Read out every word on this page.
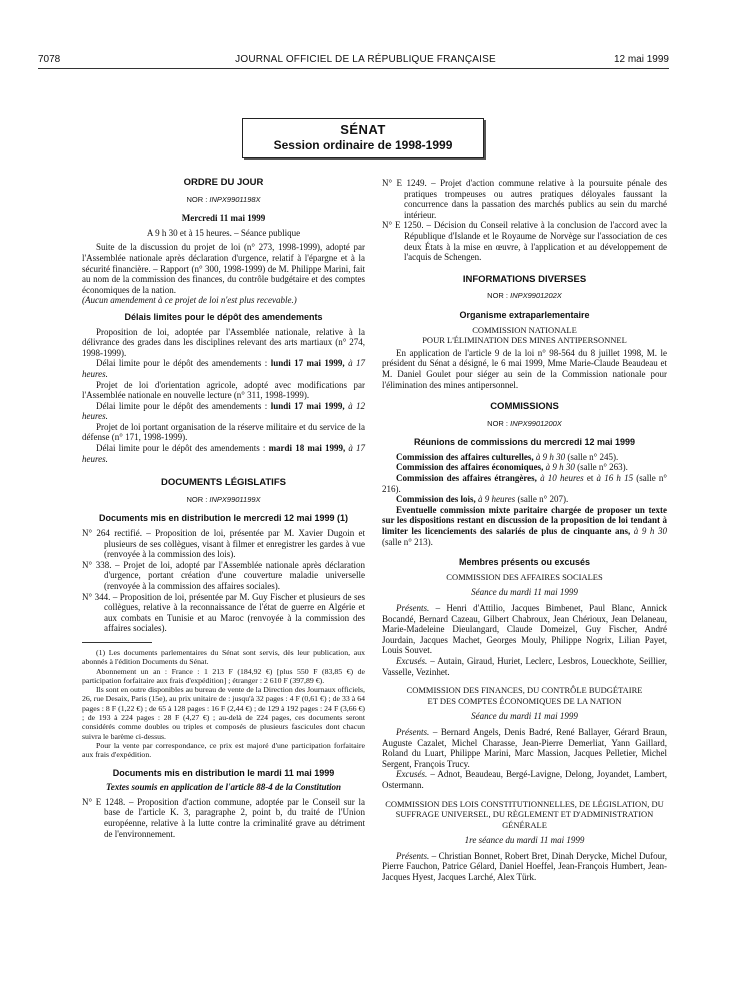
7078	JOURNAL OFFICIEL DE LA RÉPUBLIQUE FRANÇAISE	12 mai 1999
SÉNAT
Session ordinaire de 1998-1999
ORDRE DU JOUR
NOR : INPX9901198X

Mercredi 11 mai 1999

A 9 h 30 et à 15 heures. – Séance publique

Suite de la discussion du projet de loi (n° 273, 1998-1999), adopté par l'Assemblée nationale après déclaration d'urgence, relatif à l'épargne et à la sécurité financière. – Rapport (n° 300, 1998-1999) de M. Philippe Marini, fait au nom de la commission des finances, du contrôle budgétaire et des comptes économiques de la nation.

(Aucun amendement à ce projet de loi n'est plus recevable.)

Délais limites pour le dépôt des amendements

Proposition de loi, adoptée par l'Assemblée nationale, relative à la délivrance des grades dans les disciplines relevant des arts martiaux (n° 274, 1998-1999).

Délai limite pour le dépôt des amendements : lundi 17 mai 1999, à 17 heures.

Projet de loi d'orientation agricole, adopté avec modifications par l'Assemblée nationale en nouvelle lecture (n° 311, 1998-1999).

Délai limite pour le dépôt des amendements : lundi 17 mai 1999, à 12 heures.

Projet de loi portant organisation de la réserve militaire et du service de la défense (n° 171, 1998-1999).

Délai limite pour le dépôt des amendements : mardi 18 mai 1999, à 17 heures.

DOCUMENTS LÉGISLATIFS
NOR : INPX9901199X
Documents mis en distribution le mercredi 12 mai 1999 (1)

N° 264 rectifié. – Proposition de loi, présentée par M. Xavier Dugoin et plusieurs de ses collègues, visant à filmer et enregistrer les gardes à vue (renvoyée à la commission des lois).

N° 338. – Projet de loi, adopté par l'Assemblée nationale après déclaration d'urgence, portant création d'une couverture maladie universelle (renvoyée à la commission des affaires sociales).

N° 344. – Proposition de loi, présentée par M. Guy Fischer et plusieurs de ses collègues, relative à la reconnaissance de l'état de guerre en Algérie et aux combats en Tunisie et au Maroc (renvoyée à la commission des affaires sociales).

(1) Les documents parlementaires du Sénat sont servis, dès leur publication, aux abonnés à l'édition Documents du Sénat.

Abonnement un an : France : 1 213 F (184,92 €) [plus 550 F (83,85 €) de participation forfaitaire aux frais d'expédition] ; étranger : 2 610 F (397,89 €).

Ils sont en outre disponibles au bureau de vente de la Direction des Journaux officiels, 26, rue Desaix, Paris (15e), au prix unitaire de : jusqu'à 32 pages : 4 F (0,61 €) ; de 33 à 64 pages : 8 F (1,22 €) ; de 65 à 128 pages : 16 F (2,44 €) ; de 129 à 192 pages : 24 F (3,66 €) ; de 193 à 224 pages : 28 F (4,27 €) ; au-delà de 224 pages, ces documents seront considérés comme doubles ou triples et composés de plusieurs fascicules dont chacun suivra le barème ci-dessus.

Pour la vente par correspondance, ce prix est majoré d'une participation forfaitaire aux frais d'expédition.

Documents mis en distribution le mardi 11 mai 1999

Textes soumis en application de l'article 88-4 de la Constitution

N° E 1248. – Proposition d'action commune, adoptée par le Conseil sur la base de l'article K. 3, paragraphe 2, point b, du traité de l'Union européenne, relative à la lutte contre la criminalité grave au détriment de l'environnement.

N° E 1249. – Projet d'action commune relative à la poursuite pénale des pratiques trompeuses ou autres pratiques déloyales faussant la concurrence dans la passation des marchés publics au sein du marché intérieur.

N° E 1250. – Décision du Conseil relative à la conclusion de l'accord avec la République d'Islande et le Royaume de Norvège sur l'association de ces deux États à la mise en œuvre, à l'application et au développement de l'acquis de Schengen.

INFORMATIONS DIVERSES
NOR : INPX9901202X
Organisme extraparlementaire

COMMISSION NATIONALE

POUR L'ÉLIMINATION DES MINES ANTIPERSONNEL

En application de l'article 9 de la loi n° 98-564 du 8 juillet 1998, M. le président du Sénat a désigné, le 6 mai 1999, Mme Marie-Claude Beaudeau et M. Daniel Goulet pour siéger au sein de la Commission nationale pour l'élimination des mines antipersonnel.

COMMISSIONS
NOR : INPX9901200X
Réunions de commissions du mercredi 12 mai 1999

Commission des affaires culturelles, à 9 h 30 (salle n° 245).

Commission des affaires économiques, à 9 h 30 (salle n° 263).

Commission des affaires étrangères, à 10 heures et à 16 h 15 (salle n° 216).

Commission des lois, à 9 heures (salle n° 207).

Eventuelle commission mixte paritaire chargée de proposer un texte sur les dispositions restant en discussion de la proposition de loi tendant à limiter les licenciements des salariés de plus de cinquante ans, à 9 h 30 (salle n° 213).

Membres présents ou excusés

COMMISSION DES AFFAIRES SOCIALES

Séance du mardi 11 mai 1999

Présents. – Henri d'Attilio, Jacques Bimbenet, Paul Blanc, Annick Bocandé, Bernard Cazeau, Gilbert Chabroux, Jean Chérioux, Jean Delaneau, Marie-Madeleine Dieulangard, Claude Domeizel, Guy Fischer, André Jourdain, Jacques Machet, Georges Mouly, Philippe Nogrix, Lilian Payet, Louis Souvet.

Excusés. – Autain, Giraud, Huriet, Leclerc, Lesbros, Loueckhote, Seillier, Vasselle, Vezinhet.

COMMISSION DES FINANCES, DU CONTRÔLE BUDGÉTAIRE

ET DES COMPTES ÉCONOMIQUES DE LA NATION

Séance du mardi 11 mai 1999

Présents. – Bernard Angels, Denis Badré, René Ballayer, Gérard Braun, Auguste Cazalet, Michel Charasse, Jean-Pierre Demerliat, Yann Gaillard, Roland du Luart, Philippe Marini, Marc Massion, Jacques Pelletier, Michel Sergent, François Trucy.

Excusés. – Adnot, Beaudeau, Bergé-Lavigne, Delong, Joyandet, Lambert, Ostermann.

COMMISSION DES LOIS CONSTITUTIONNELLES, DE LÉGISLATION, DU SUFFRAGE UNIVERSEL, DU RÈGLEMENT ET D'ADMINISTRATION GÉNÉRALE

1re séance du mardi 11 mai 1999

Présents. – Christian Bonnet, Robert Bret, Dinah Derycke, Michel Dufour, Pierre Fauchon, Patrice Gélard, Daniel Hoeffel, Jean-François Humbert, Jean-Jacques Hyest, Jacques Larché, Alex Türk.
